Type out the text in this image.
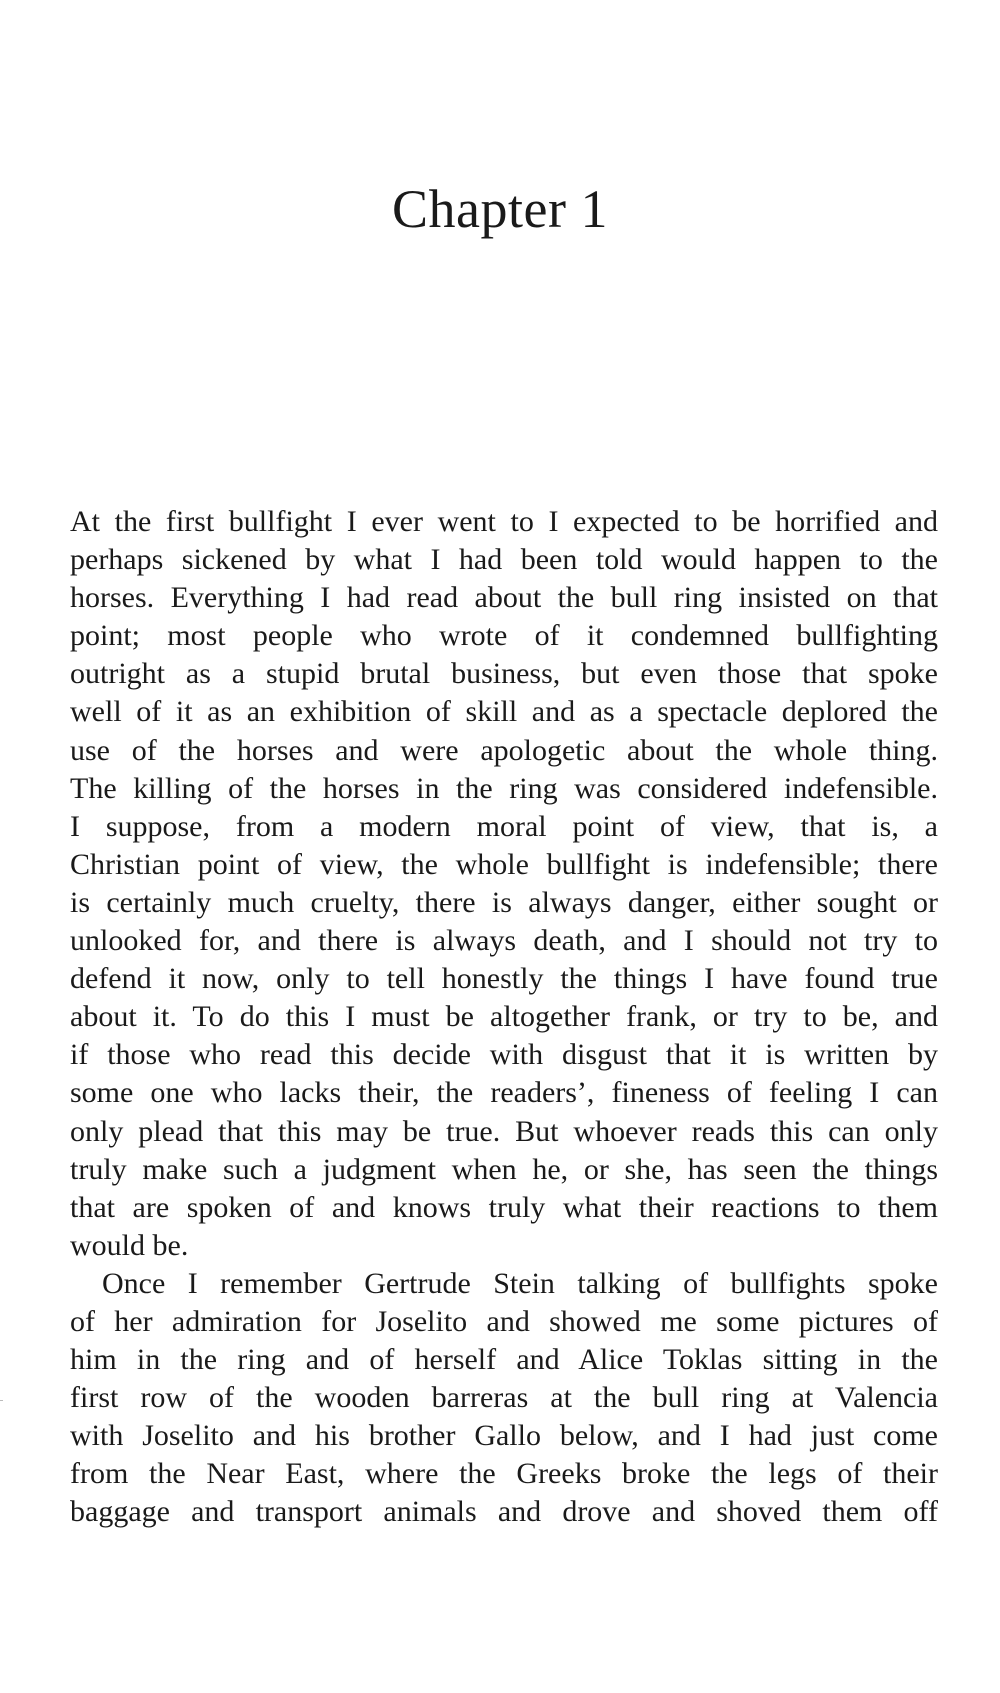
Chapter 1

At the first bullfight I ever went to I expected to be horrified and

perhaps sickened by what I had been told would happen to the

horses. Everything I had read about the bull ring insisted on that

point; most people who wrote of it condemned bullfighting

outright as a stupid brutal business, but even those that spoke

well of it as an exhibition of skill and as a spectacle deplored the

use of the horses and were apologetic about the whole thing.

The killing of the horses in the ring was considered indefensible.

I suppose, from a modern moral point of view, that is, a

Christian point of view, the whole bullfight is indefensible; there

is certainly much cruelty, there is always danger, either sought or

unlooked for, and there is always death, and I should not try to

defend it now, only to tell honestly the things I have found true

about it. To do this I must be altogether frank, or try to be, and

if those who read this decide with disgust that it is written by

some one who lacks their, the readers’, fineness of feeling I can

only plead that this may be true. But whoever reads this can only

truly make such a judgment when he, or she, has seen the things

that are spoken of and knows truly what their reactions to them

would be.

Once I remember Gertrude Stein talking of bullfights spoke

of her admiration for Joselito and showed me some pictures of

him in the ring and of herself and Alice Toklas sitting in the

first row of the wooden barreras at the bull ring at Valencia

with Joselito and his brother Gallo below, and I had just come

from the Near East, where the Greeks broke the legs of their

baggage and transport animals and drove and shoved them off
